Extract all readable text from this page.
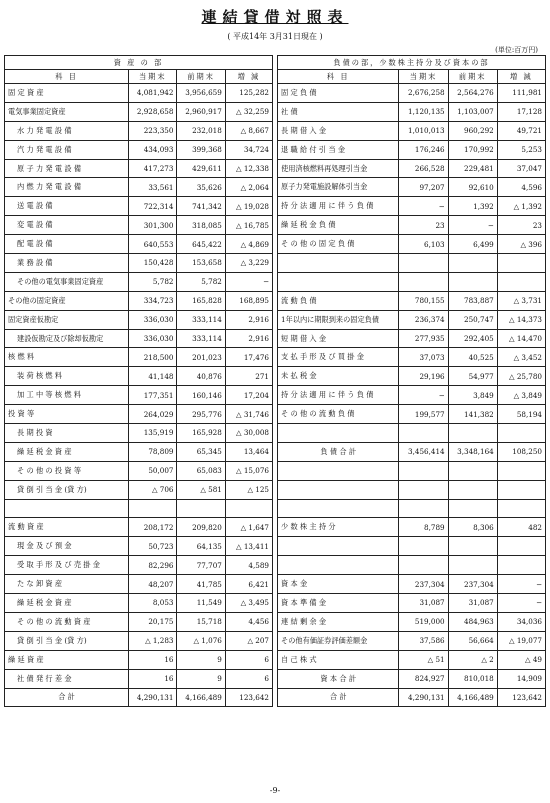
連結貸借対照表
( 平成14年 3月31日現在 )
(単位:百万円)
資 産 の 部			
科 目	当期末	前期末	増 減
固 定 資 産	4,081,942	3,956,659	125,282
電気事業固定資産	2,928,658	2,960,917	△ 32,259
水 力 発 電 設 備	223,350	232,018	△ 8,667
汽 力 発 電 設 備	434,093	399,368	34,724
原 子 力 発 電 設 備	417,273	429,611	△ 12,338
内 燃 力 発 電 設 備	33,561	35,626	△ 2,064
送 電 設 備	722,314	741,342	△ 19,028
変 電 設 備	301,300	318,085	△ 16,785
配 電 設 備	640,553	645,422	△ 4,869
業 務 設 備	150,428	153,658	△ 3,229
その他の電気事業固定資産	5,782	5,782	−
その他の固定資産	334,723	165,828	168,895
固定資産仮勘定	336,030	333,114	2,916
建設仮勘定及び除却仮勘定	336,030	333,114	2,916
核 燃 料	218,500	201,023	17,476
装 荷 核 燃 料	41,148	40,876	271
加 工 中 等 核 燃 料	177,351	160,146	17,204
投 資 等	264,029	295,776	△ 31,746
長 期 投 資	135,919	165,928	△ 30,008
繰 延 税 金 資 産	78,809	65,345	13,464
そ の 他 の 投 資 等	50,007	65,083	△ 15,076
貸 倒 引 当 金 (貸 方)	△ 706	△ 581	△ 125

流 動 資 産	208,172	209,820	△ 1,647
現 金 及 び 預 金	50,723	64,135	△ 13,411
受 取 手 形 及 び 売 掛 金	82,296	77,707	4,589
た な 卸 資 産	48,207	41,785	6,421
繰 延 税 金 資 産	8,053	11,549	△ 3,495
そ の 他 の 流 動 資 産	20,175	15,718	4,456
貸 倒 引 当 金 (貸 方)	△ 1,283	△ 1,076	△ 207
繰 延 資 産	16	9	6
社 債 発 行 差 金	16	9	6
合 計	4,290,131	4,166,489	123,642
負債の部，少数株主持分及び資本の部			
科 目	当期末	前期末	増 減
固 定 負 債	2,676,258	2,564,276	111,981
社 債	1,120,135	1,103,007	17,128
長 期 借 入 金	1,010,013	960,292	49,721
退 職 給 付 引 当 金	176,246	170,992	5,253
使用済核燃料再処理引当金	266,528	229,481	37,047
原子力発電施設解体引当金	97,207	92,610	4,596
持 分 法 適 用 に 伴 う 負 債	−	1,392	△ 1,392
繰 延 税 金 負 債	23	−	23
そ の 他 の 固 定 負 債	6,103	6,499	△ 396

流 動 負 債	780,155	783,887	△ 3,731
1年以内に期限到来の固定負債	236,374	250,747	△ 14,373
短 期 借 入 金	277,935	292,405	△ 14,470
支 払 手 形 及 び 買 掛 金	37,073	40,525	△ 3,452
未 払 税 金	29,196	54,977	△ 25,780
持 分 法 適 用 に 伴 う 負 債	−	3,849	△ 3,849
そ の 他 の 流 動 負 債	199,577	141,382	58,194

負 債 合 計	3,456,414	3,348,164	108,250

少 数 株 主 持 分	8,789	8,306	482

資 本 金	237,304	237,304	−
資 本 準 備 金	31,087	31,087	−
連 結 剰 余 金	519,000	484,963	34,036
その他有価証券評価差額金	37,586	56,664	△ 19,077
自 己 株 式	△ 51	△ 2	△ 49
資 本 合 計	824,927	810,018	14,909
合 計	4,290,131	4,166,489	123,642
-9-
